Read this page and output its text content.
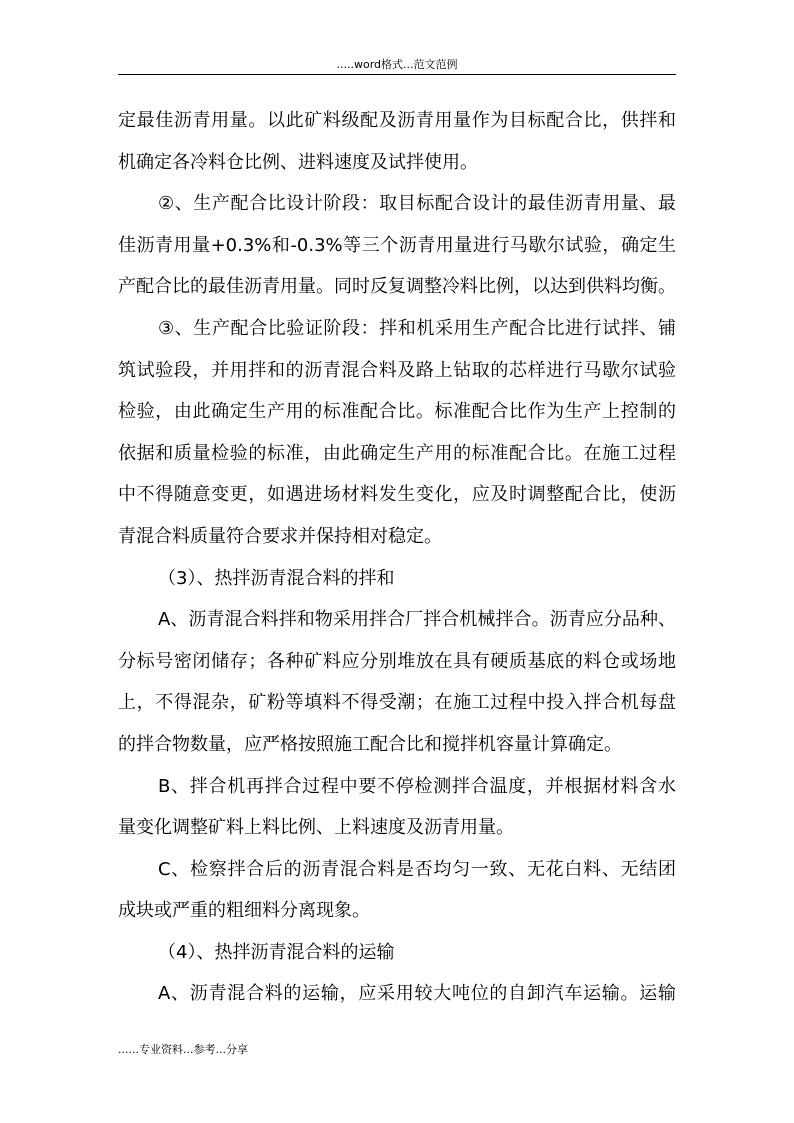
.....word格式...范文范例
定最佳沥青用量。以此矿料级配及沥青用量作为目标配合比，供拌和
机确定各冷料仓比例、进料速度及试拌使用。
②、生产配合比设计阶段：取目标配合设计的最佳沥青用量、最
佳沥青用量+0.3%和-0.3%等三个沥青用量进行马歇尔试验，确定生
产配合比的最佳沥青用量。同时反复调整冷料比例，以达到供料均衡。
③、生产配合比验证阶段：拌和机采用生产配合比进行试拌、铺
筑试验段，并用拌和的沥青混合料及路上钻取的芯样进行马歇尔试验
检验，由此确定生产用的标准配合比。标准配合比作为生产上控制的
依据和质量检验的标准，由此确定生产用的标准配合比。在施工过程
中不得随意变更，如遇进场材料发生变化，应及时调整配合比，使沥
青混合料质量符合要求并保持相对稳定。
（3）、热拌沥青混合料的拌和
A、沥青混合料拌和物采用拌合厂拌合机械拌合。沥青应分品种、
分标号密闭储存；各种矿料应分别堆放在具有硬质基底的料仓或场地
上，不得混杂，矿粉等填料不得受潮；在施工过程中投入拌合机每盘
的拌合物数量，应严格按照施工配合比和搅拌机容量计算确定。
B、拌合机再拌合过程中要不停检测拌合温度，并根据材料含水
量变化调整矿料上料比例、上料速度及沥青用量。
C、检察拌合后的沥青混合料是否均匀一致、无花白料、无结团
成块或严重的粗细料分离现象。
（4）、热拌沥青混合料的运输
A、沥青混合料的运输，应采用较大吨位的自卸汽车运输。运输
......专业资料...参考...分享
